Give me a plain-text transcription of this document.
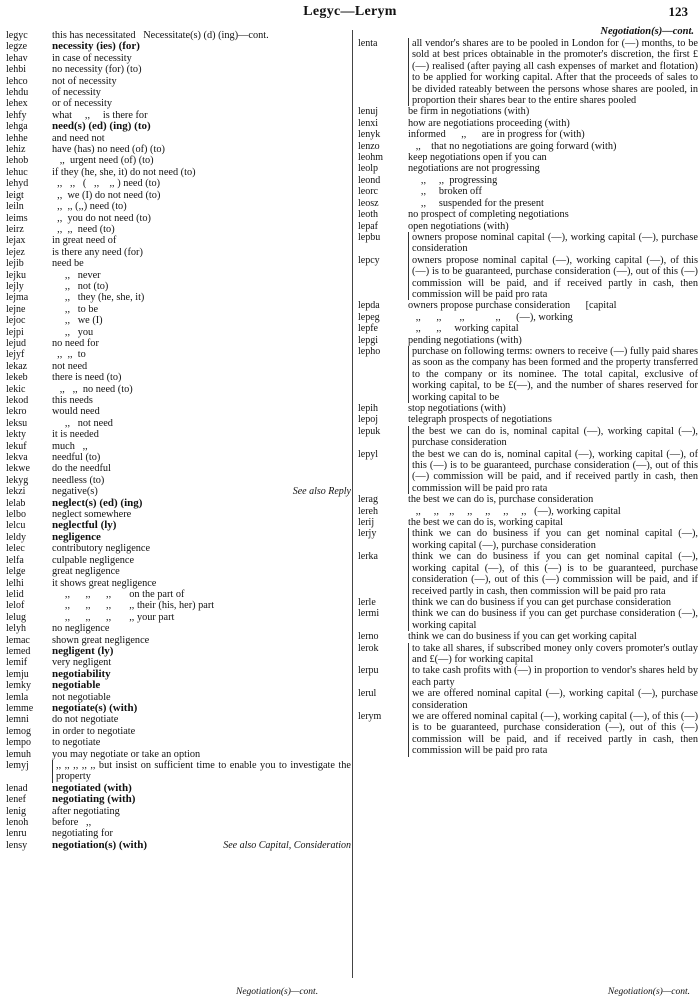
Legyc—Lerym	123
Negotiation(s)—cont.
legyc	this has necessitated   Necessitate(s) (d) (ing)—cont.
legze	necessity (ies) (for)
lehav	in case of necessity
lehbi	no necessity (for) (to)
lehco	not of necessity
lehdu	of necessity
lehex	or of necessity
lehfy	what     ,,     is there for
lehga	need(s) (ed) (ing) (to)
lehhe	and need not
lehiz	have (has) no need (of) (to)
lehob	,,  urgent need (of) (to)
lehuc	if they (he, she, it) do not need (to)
lehyd	,,   ,,   (   ,,    ,, ) need (to)
leigt	,,  we (I) do not need (to)
leiln	,,  ,, (,,) need (to)
leims	,,  you do not need (to)
leirz	,,  ,,  need (to)
lejax	in great need of
lejez	is there any need (for)
lejib	need be
lejku	,,   never
lejly	,,   not (to)
lejma	,,   they (he, she, it)
lejne	,,   to be
lejoc	,,   we (I)
lejpi	,,   you
lejud	no need for
lejyf	,,  ,,  to
lekaz	not need
lekeb	there is need (to)
lekic	,,   ,,  no need (to)
lekod	this needs
lekro	would need
leksu	,,   not need
lekty	it is needed
lekuf	much   ,,
lekva	needful (to)
lekwe	do the needful
lekyg	needless (to)
lekzi	negative(s)	See also Reply
lelab	neglect(s) (ed) (ing)
lelbo	neglect somewhere
lelcu	neglectful (ly)
leldy	negligence
lelec	contributory negligence
lelfa	culpable negligence
lelge	great negligence
lelhi	it shows great negligence
lelid	,,      ,,      ,,       on the part of
lelof	,,      ,,      ,,       ,, their (his, her) part
lelug	,,      ,,      ,,       ,, your part
lelyh	no negligence
lemac	shown great negligence
lemed	negligent (ly)
lemif	very negligent
lemju	negotiability
lemky	negotiable
lemla	not negotiable
lemme	negotiate(s) (with)
lemni	do not negotiate
lemog	in order to negotiate
lempo	to negotiate
lemuh	you may negotiate or take an option
lemyj	,, ,, ,, ,, ,, but insist on sufficient time to enable you to investigate the property
lenad	negotiated (with)
lenef	negotiating (with)
lenig	after negotiating
lenoh	before   ,,
lenru	negotiating for
lensy	negotiation(s) (with)	See also Capital, Consideration
lenta	all vendor's shares are to be pooled in London for (—) months, to be sold at best prices obtainable in the promoter's discretion, the first £(—) realised (after paying all cash expenses of market and flotation) to be applied for working capital. After that the proceeds of sales to be divided rateably between the persons whose shares are pooled, in proportion their shares bear to the entire shares pooled
lenuj	be firm in negotiations (with)
lenxi	how are negotiations proceeding (with)
lenyk	informed      ,,      are in progress for (with)
lenzo	,,    that no negotiations are going forward (with)
leohm	keep negotiations open if you can
leolp	negotiations are not progressing
leond	,,     ,,  progressing
leorc	,,     broken off
leosz	,,     suspended for the present
leoth	no prospect of completing negotiations
lepaf	open negotiations (with)
lepbu	owners propose nominal capital (—), working capital (—), purchase consideration
lepcy	owners propose nominal capital (—), working capital (—), of this (—) is to be guaranteed, purchase consideration (—), out of this (—) commission will be paid, and if received partly in cash, then commission will be paid pro rata
lepda	owners propose purchase consideration      [capital
lepeg	,,      ,,       ,,            ,,      (—), working
lepfe	,,      ,,     working capital
lepgi	pending negotiations (with)
lepho	purchase on following terms: owners to receive (—) fully paid shares as soon as the company has been formed and the property transferred to the company or its nominee. The total capital, exclusive of working capital, to be £(—), and the number of shares reserved for working capital to be
lepih	stop negotiations (with)
lepoj	telegraph prospects of negotiations
lepuk	the best we can do is, nominal capital (—), working capital (—), purchase consideration
lepyl	the best we can do is, nominal capital (—), working capital (—), of this (—) is to be guaranteed, purchase consideration (—), out of this (—) commission will be paid, and if received partly in cash, then commission will be paid pro rata
lerag	the best we can do is, purchase consideration
lereh	,,     ,,    ,,     ,,     ,,     ,,     ,,   (—), working capital
lerij	the best we can do is, working capital
lerjy	think we can do business if you can get nominal capital (—), working capital (—), purchase consideration
lerka	think we can do business if you can get nominal capital (—), working capital (—), of this (—) is to be guaranteed, purchase consideration (—), out of this (—) commission will be paid, and if received partly in cash, then commission will be paid pro rata
lerle	think we can do business if you can get purchase consideration
lermi	think we can do business if you can get purchase consideration (—), working capital
lerno	think we can do business if you can get working capital
lerok	to take all shares, if subscribed money only covers promoter's outlay and £(—) for working capital
lerpu	to take cash profits with (—) in proportion to vendor's shares held by each party
lerul	we are offered nominal capital (—), working capital (—), purchase consideration
lerym	we are offered nominal capital (—), working capital (—), of this (—) is to be guaranteed, purchase consideration (—), out of this (—) commission will be paid, and if received partly in cash, then commission will be paid pro rata
Negotiation(s)—cont.	Negotiation(s)—cont.
